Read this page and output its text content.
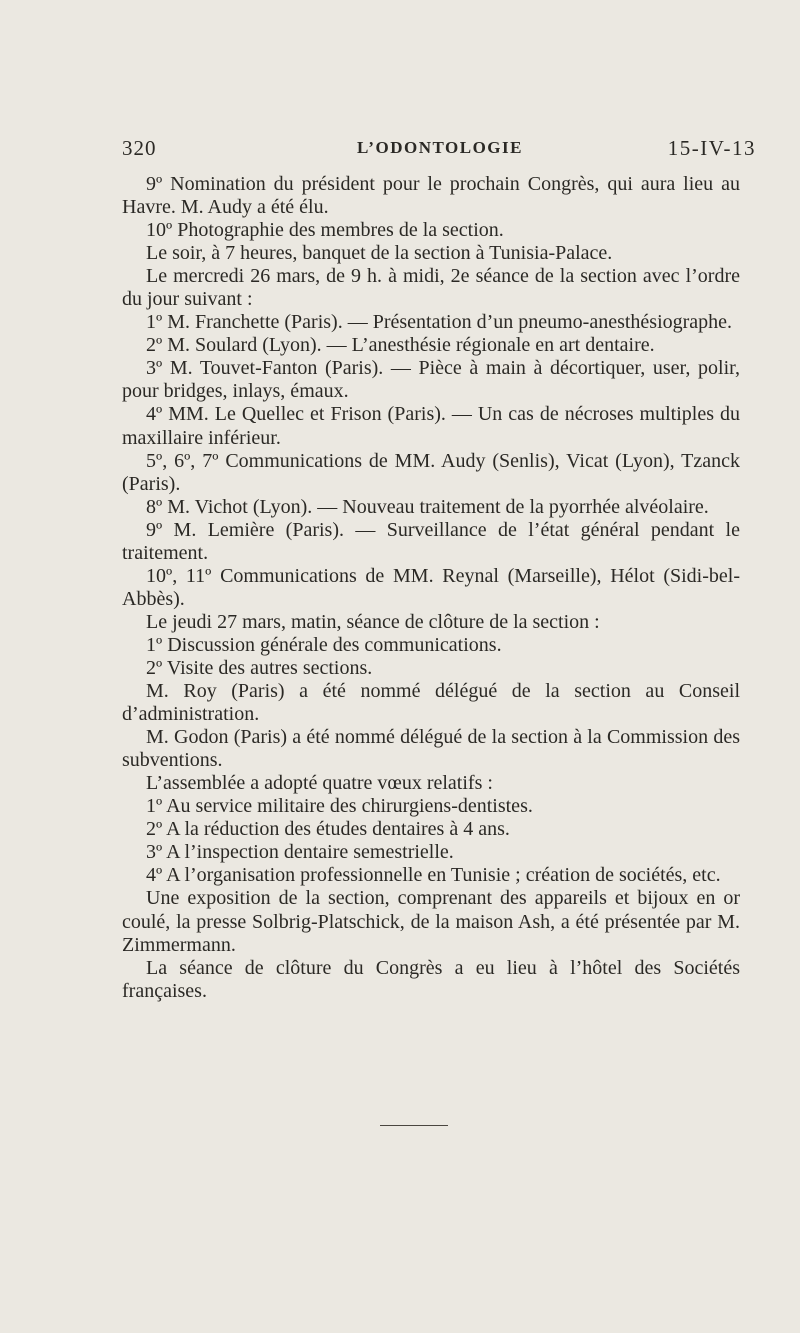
320	L’ODONTOLOGIE	15-IV-13

9º Nomination du président pour le prochain Congrès, qui aura lieu au Havre. M. Audy a été élu.

10º Photographie des membres de la section.

Le soir, à 7 heures, banquet de la section à Tunisia-Palace.

Le mercredi 26 mars, de 9 h. à midi, 2e séance de la section avec l’ordre du jour suivant :

1º M. Franchette (Paris). — Présentation d’un pneumo-anesthésiographe.

2º M. Soulard (Lyon). — L’anesthésie régionale en art dentaire.

3º M. Touvet-Fanton (Paris). — Pièce à main à décortiquer, user, polir, pour bridges, inlays, émaux.

4º MM. Le Quellec et Frison (Paris). — Un cas de nécroses multiples du maxillaire inférieur.

5º, 6º, 7º Communications de MM. Audy (Senlis), Vicat (Lyon), Tzanck (Paris).

8º M. Vichot (Lyon). — Nouveau traitement de la pyorrhée alvéolaire.

9º M. Lemière (Paris). — Surveillance de l’état général pendant le traitement.

10º, 11º Communications de MM. Reynal (Marseille), Hélot (Sidi-bel-Abbès).

Le jeudi 27 mars, matin, séance de clôture de la section :

1º Discussion générale des communications.

2º Visite des autres sections.

M. Roy (Paris) a été nommé délégué de la section au Conseil d’administration.

M. Godon (Paris) a été nommé délégué de la section à la Commission des subventions.

L’assemblée a adopté quatre vœux relatifs :

1º Au service militaire des chirurgiens-dentistes.

2º A la réduction des études dentaires à 4 ans.

3º A l’inspection dentaire semestrielle.

4º A l’organisation professionnelle en Tunisie ; création de sociétés, etc.

Une exposition de la section, comprenant des appareils et bijoux en or coulé, la presse Solbrig-Platschick, de la maison Ash, a été présentée par M. Zimmermann.

La séance de clôture du Congrès a eu lieu à l’hôtel des Sociétés françaises.
